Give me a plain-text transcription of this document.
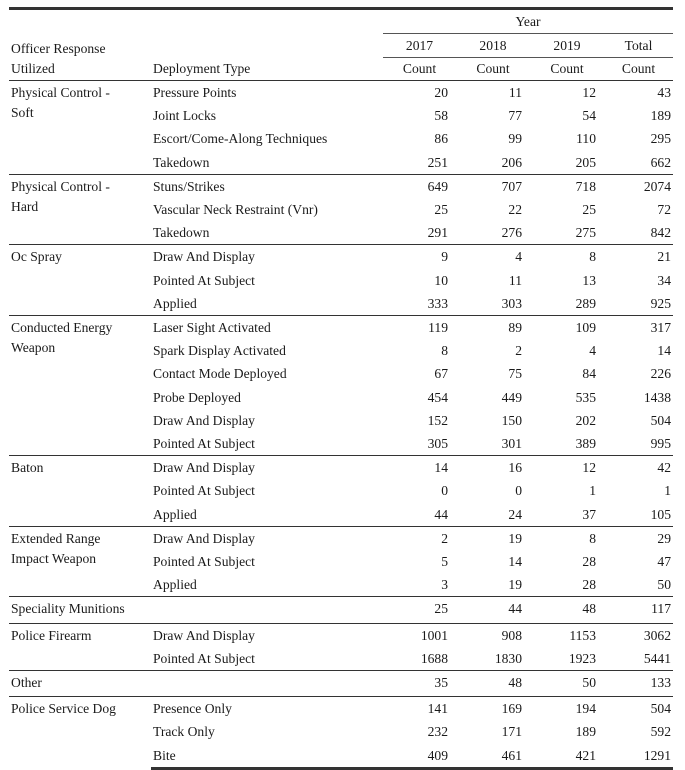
Officer Response
Utilized	Deployment Type	Year			
		2017	2018	2019	Total
		Count	Count	Count	Count

Physical Control -
Soft	Pressure Points	20	11	12	43
	Joint Locks	58	77	54	189
	Escort/Come-Along Techniques	86	99	110	295
	Takedown	251	206	205	662

Physical Control -
Hard	Stuns/Strikes	649	707	718	2074
	Vascular Neck Restraint (Vnr)	25	22	25	72
	Takedown	291	276	275	842

Oc Spray	Draw And Display	9	4	8	21
	Pointed At Subject	10	11	13	34
	Applied	333	303	289	925

Conducted Energy
Weapon	Laser Sight Activated	119	89	109	317
	Spark Display Activated	8	2	4	14
	Contact Mode Deployed	67	75	84	226
	Probe Deployed	454	449	535	1438
	Draw And Display	152	150	202	504
	Pointed At Subject	305	301	389	995

Baton	Draw And Display	14	16	12	42
	Pointed At Subject	0	0	1	1
	Applied	44	24	37	105

Extended Range
Impact Weapon	Draw And Display	2	19	8	29
	Pointed At Subject	5	14	28	47
	Applied	3	19	28	50

Speciality Munitions		25	44	48	117

Police Firearm	Draw And Display	1001	908	1153	3062
	Pointed At Subject	1688	1830	1923	5441

Other		35	48	50	133

Police Service Dog	Presence Only	141	169	194	504
	Track Only	232	171	189	592
	Bite	409	461	421	1291
